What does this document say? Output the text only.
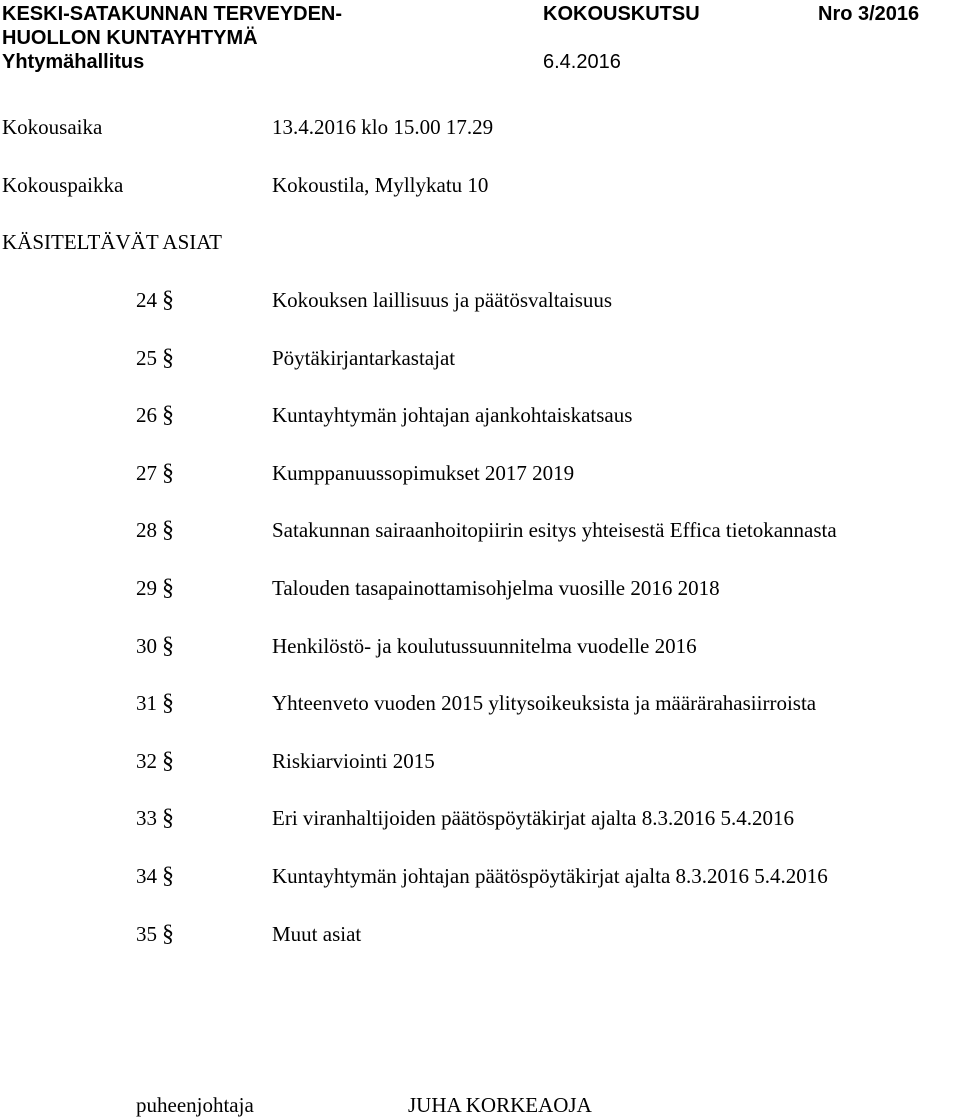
KESKI-SATAKUNNAN TERVEYDEN-
HUOLLON KUNTAYHTYMÄ
Yhtymähallitus
KOKOUSKUTSU	Nro 3/2016
6.4.2016
Kokousaika	13.4.2016 klo 15.00 17.29
Kokouspaikka	Kokoustila, Myllykatu 10
KÄSITELTÄVÄT ASIAT
24 §	Kokouksen laillisuus ja päätösvaltaisuus
25 §	Pöytäkirjantarkastajat
26 §	Kuntayhtymän johtajan ajankohtaiskatsaus
27 §	Kumppanuussopimukset 2017 2019
28 §	Satakunnan sairaanhoitopiirin esitys yhteisestä Effica tietokannasta
29 §	Talouden tasapainottamisohjelma vuosille 2016 2018
30 §	Henkilöstö- ja koulutussuunnitelma vuodelle 2016
31 §	Yhteenveto vuoden 2015 ylitysoikeuksista ja määrärahasiirroista
32 §	Riskiarviointi 2015
33 §	Eri viranhaltijoiden päätöspöytäkirjat ajalta 8.3.2016 5.4.2016
34 §	Kuntayhtymän johtajan päätöspöytäkirjat ajalta 8.3.2016 5.4.2016
35 §	Muut asiat
puheenjohtaja	JUHA KORKEAOJA
